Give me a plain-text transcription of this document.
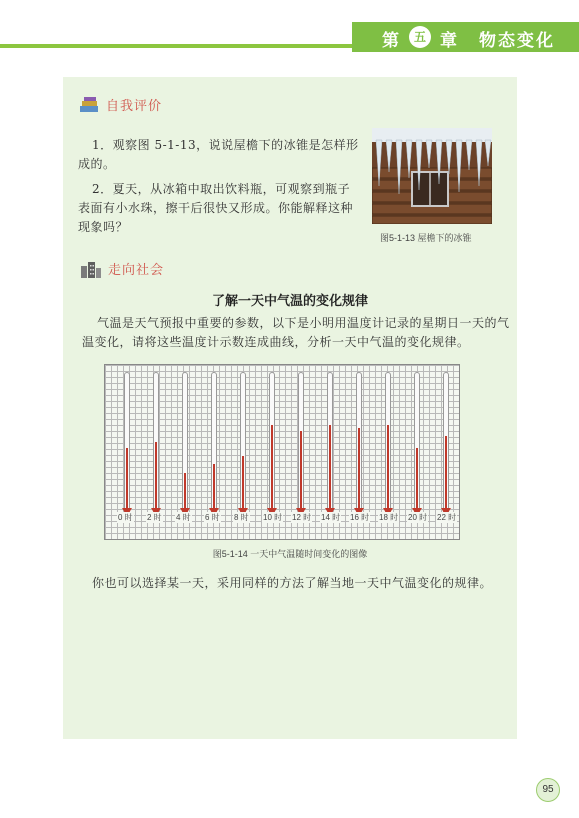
第	五 章 物态变化
自我评价
1．观察图 5-1-13，说说屋檐下的冰锥是怎样形
成的。
2．夏天，从冰箱中取出饮料瓶，可观察到瓶子
表面有小水珠，擦干后很快又形成。你能解释这种
现象吗？
图5-1-13 屋檐下的冰锥
走向社会
了解一天中气温的变化规律
气温是天气预报中重要的参数，以下是小明用温度计记录的星期日一天的气
温变化，请将这些温度计示数连成曲线，分析一天中气温的变化规律。
0 时 2 时 4 时 6 时 8 时 10 时 12 时 14 时 16 时 18 时 20 时 22 时
图5-1-14 一天中气温随时间变化的图像
你也可以选择某一天，采用同样的方法了解当地一天中气温变化的规律。
95
